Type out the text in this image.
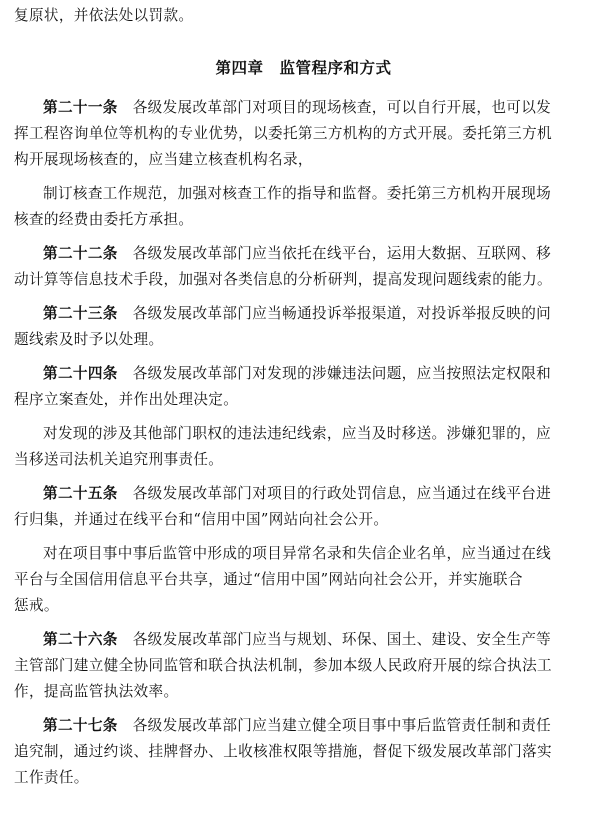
复原状，并依法处以罚款。
第四章　监管程序和方式
第二十一条　 各级发展改革部门对项目的现场核查，可以自行开展，也可以发
挥工程咨询单位等机构的专业优势，以委托第三方机构的方式开展。委托第三方机
构开展现场核查的，应当建立核查机构名录，
制订核查工作规范，加强对核查工作的指导和监督。委托第三方机构开展现场
核查的经费由委托方承担。
第二十二条　 各级发展改革部门应当依托在线平台，运用大数据、互联网、移
动计算等信息技术手段，加强对各类信息的分析研判，提高发现问题线索的能力。
第二十三条　 各级发展改革部门应当畅通投诉举报渠道，对投诉举报反映的问
题线索及时予以处理。
第二十四条　 各级发展改革部门对发现的涉嫌违法问题，应当按照法定权限和
程序立案查处，并作出处理决定。
对发现的涉及其他部门职权的违法违纪线索，应当及时移送。涉嫌犯罪的，应
当移送司法机关追究刑事责任。
第二十五条　 各级发展改革部门对项目的行政处罚信息，应当通过在线平台进
行归集，并通过在线平台和“信用中国”网站向社会公开。
对在项目事中事后监管中形成的项目异常名录和失信企业名单，应当通过在线
平台与全国信用信息平台共享，通过“信用中国”网站向社会公开，并实施联合
惩戒。
第二十六条　 各级发展改革部门应当与规划、环保、国土、建设、安全生产等
主管部门建立健全协同监管和联合执法机制，参加本级人民政府开展的综合执法工
作，提高监管执法效率。
第二十七条　 各级发展改革部门应当建立健全项目事中事后监管责任制和责任
追究制，通过约谈、挂牌督办、上收核准权限等措施，督促下级发展改革部门落实
工作责任。
